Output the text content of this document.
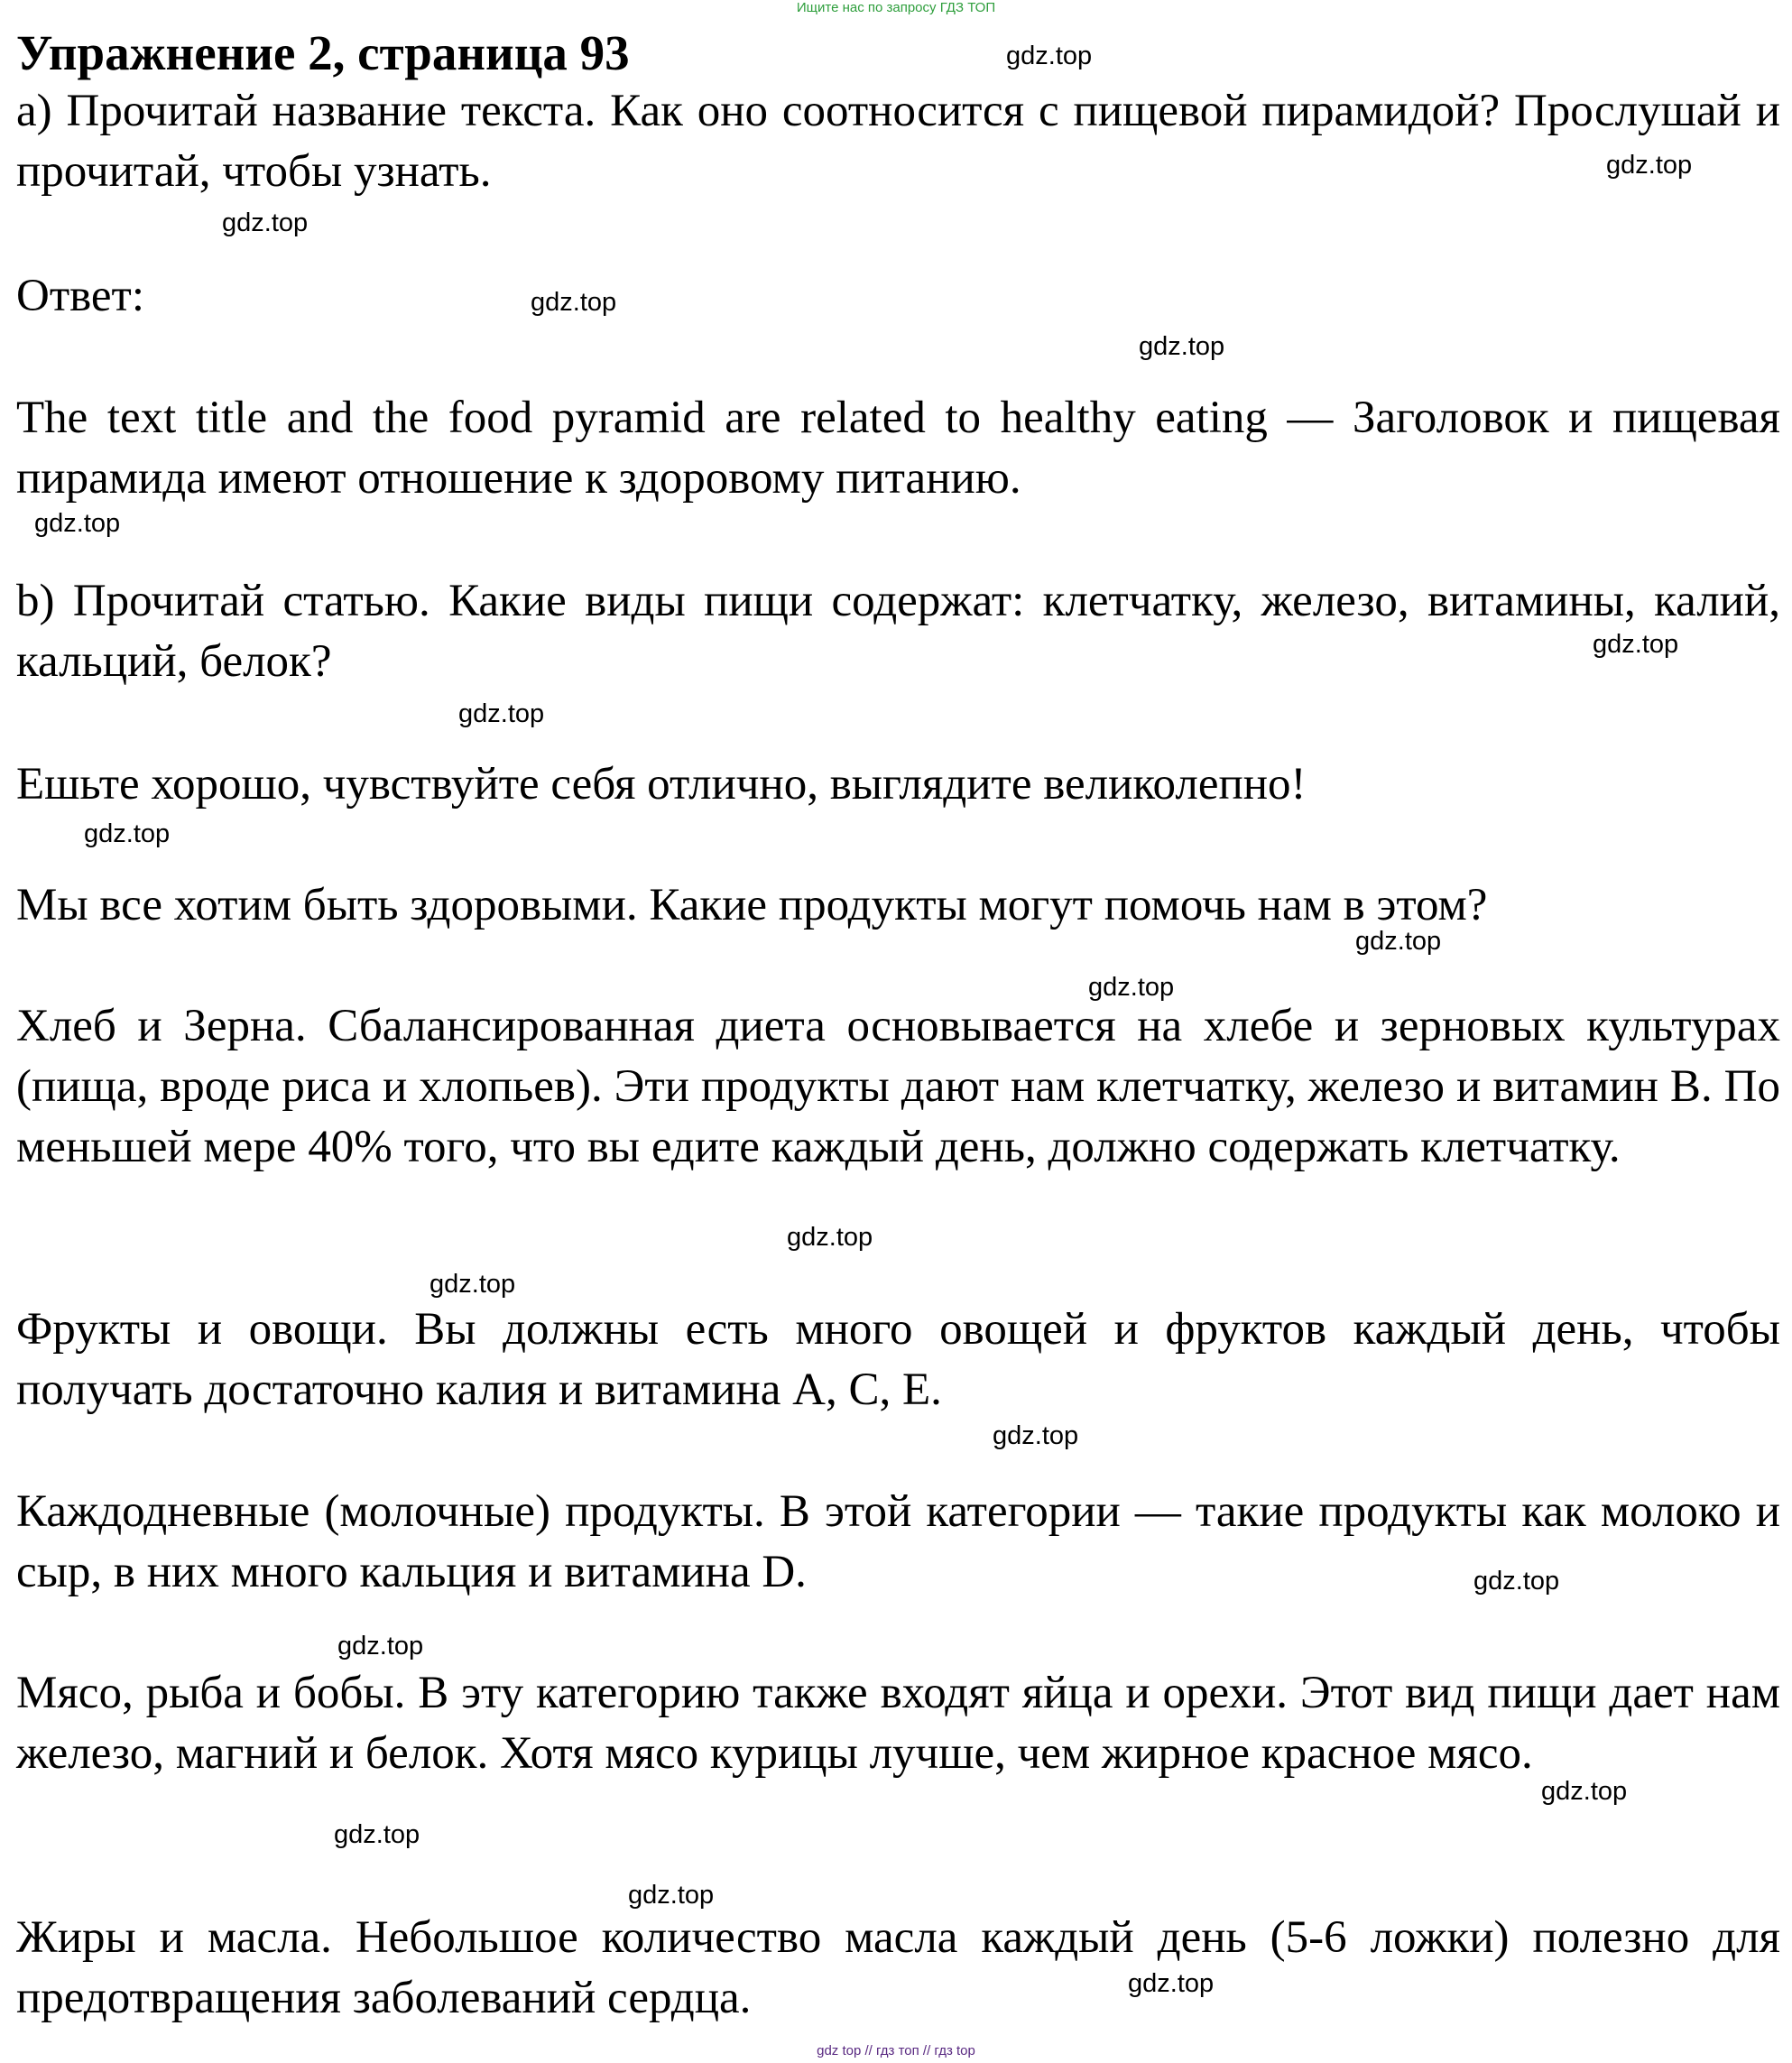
Ищите нас по запросу ГДЗ ТОП
Упражнение 2, страница 93
а) Прочитай название текста. Как оно соотносится с пищевой пирамидой? Прослушай и прочитай, чтобы узнать.
Ответ:
The text title and the food pyramid are related to healthy eating — Заголовок и пищевая пирамида имеют отношение к здоровому питанию.
b) Прочитай статью. Какие виды пищи содержат: клетчатку, железо, витамины, калий, кальций, белок?
Ешьте хорошо, чувствуйте себя отлично, выглядите великолепно!
Мы все хотим быть здоровыми. Какие продукты могут помочь нам в этом?
Хлеб и Зерна. Сбалансированная диета основывается на хлебе и зерновых культурах (пища, вроде риса и хлопьев). Эти продукты дают нам клетчатку, железо и витамин В. По меньшей мере 40% того, что вы едите каждый день, должно содержать клетчатку.
Фрукты и овощи. Вы должны есть много овощей и фруктов каждый день, чтобы получать достаточно калия и витамина А, С, Е.
Каждодневные (молочные) продукты. В этой категории — такие продукты как молоко и сыр, в них много кальция и витамина D.
Мясо, рыба и бобы. В эту категорию также входят яйца и орехи. Этот вид пищи дает нам железо, магний и белок. Хотя мясо курицы лучше, чем жирное красное мясо.
Жиры и масла. Небольшое количество масла каждый день (5-6 ложки) полезно для предотвращения заболеваний сердца.
gdz.top
gdz.top
gdz.top
gdz.top
gdz.top
gdz.top
gdz.top
gdz.top
gdz.top
gdz.top
gdz.top
gdz.top
gdz.top
gdz.top
gdz.top
gdz.top
gdz.top
gdz.top
gdz.top
gdz.top
gdz top // гдз топ // гдз top
